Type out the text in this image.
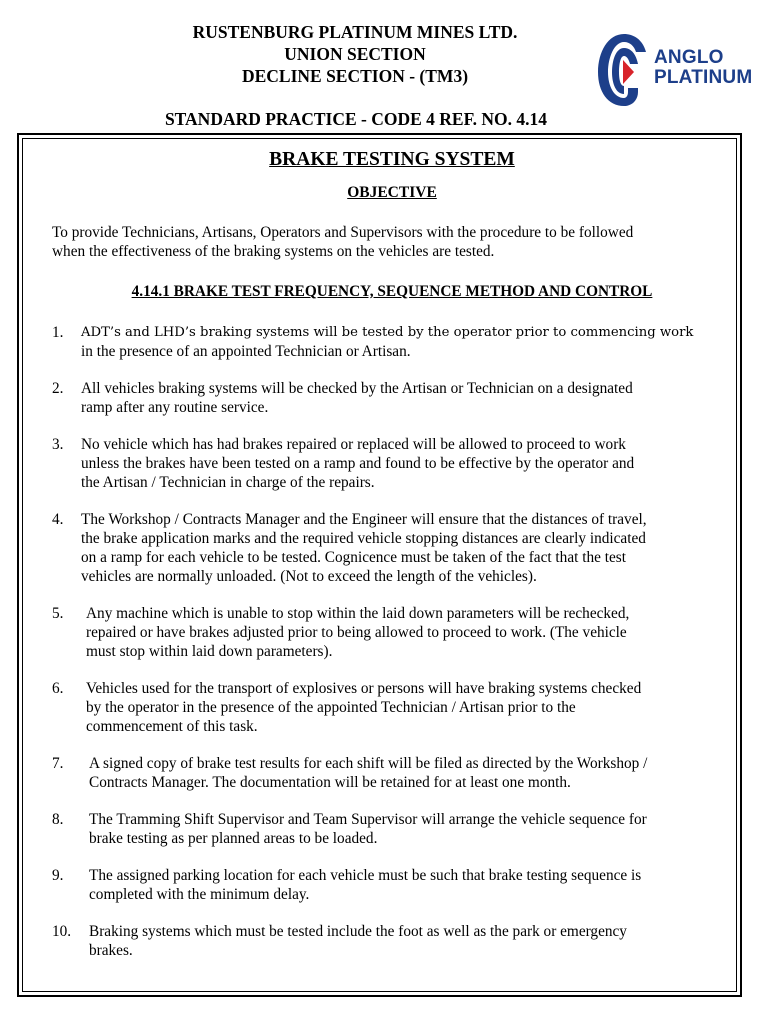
RUSTENBURG PLATINUM MINES LTD.
UNION SECTION
DECLINE SECTION - (TM3)
STANDARD PRACTICE - CODE 4 REF. NO. 4.14
ANGLO
PLATINUM
BRAKE TESTING SYSTEM
OBJECTIVE
To provide Technicians, Artisans, Operators and Supervisors with the procedure to be followed
when the effectiveness of the braking systems on the vehicles are tested.
4.14.1 BRAKE TEST FREQUENCY, SEQUENCE METHOD AND CONTROL
1. ADT’s and LHD’s braking systems will be tested by the operator prior to commencing work
in the presence of an appointed Technician or Artisan.
2. All vehicles braking systems will be checked by the Artisan or Technician on a designated
ramp after any routine service.
3. No vehicle which has had brakes repaired or replaced will be allowed to proceed to work
unless the brakes have been tested on a ramp and found to be effective by the operator and
the Artisan / Technician in charge of the repairs.
4. The Workshop / Contracts Manager and the Engineer will ensure that the distances of travel,
the brake application marks and the required vehicle stopping distances are clearly indicated
on a ramp for each vehicle to be tested. Cognicence must be taken of the fact that the test
vehicles are normally unloaded. (Not to exceed the length of the vehicles).
5. Any machine which is unable to stop within the laid down parameters will be rechecked,
repaired or have brakes adjusted prior to being allowed to proceed to work. (The vehicle
must stop within laid down parameters).
6. Vehicles used for the transport of explosives or persons will have braking systems checked
by the operator in the presence of the appointed Technician / Artisan prior to the
commencement of this task.
7. A signed copy of brake test results for each shift will be filed as directed by the Workshop /
Contracts Manager. The documentation will be retained for at least one month.
8. The Tramming Shift Supervisor and Team Supervisor will arrange the vehicle sequence for
brake testing as per planned areas to be loaded.
9. The assigned parking location for each vehicle must be such that brake testing sequence is
completed with the minimum delay.
10. Braking systems which must be tested include the foot as well as the park or emergency
brakes.
